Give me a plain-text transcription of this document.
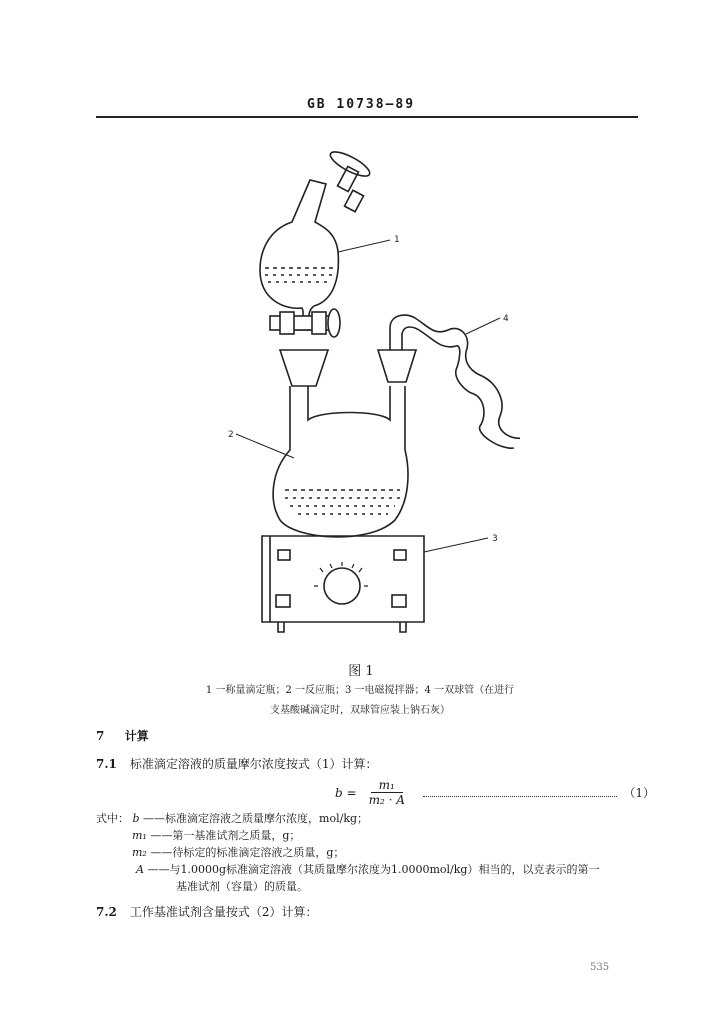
GB 10738—89
1
2
3
4
图 1
1 一称量滴定瓶；2 一反应瓶；3 一电磁搅拌器；4 一双球管（在进行
支基酸碱滴定时，双球管应装上钠石灰）
7 计算
7.1 标准滴定溶液的质量摩尔浓度按式（1）计算：
$b = \frac{\text{m₁}}{\text{m₂ · A}}$	（1）
式中： b ——标准滴定溶液之质量摩尔浓度，mol/kg；
m₁ ——第一基准试剂之质量，g；
m₂ ——待标定的标准滴定溶液之质量，g；
A ——与1.0000g标准滴定溶液（其质量摩尔浓度为1.0000mol/kg）相当的，以克表示的第一
基准试剂（容量）的质量。
7.2 工作基准试剂含量按式（2）计算：
535
